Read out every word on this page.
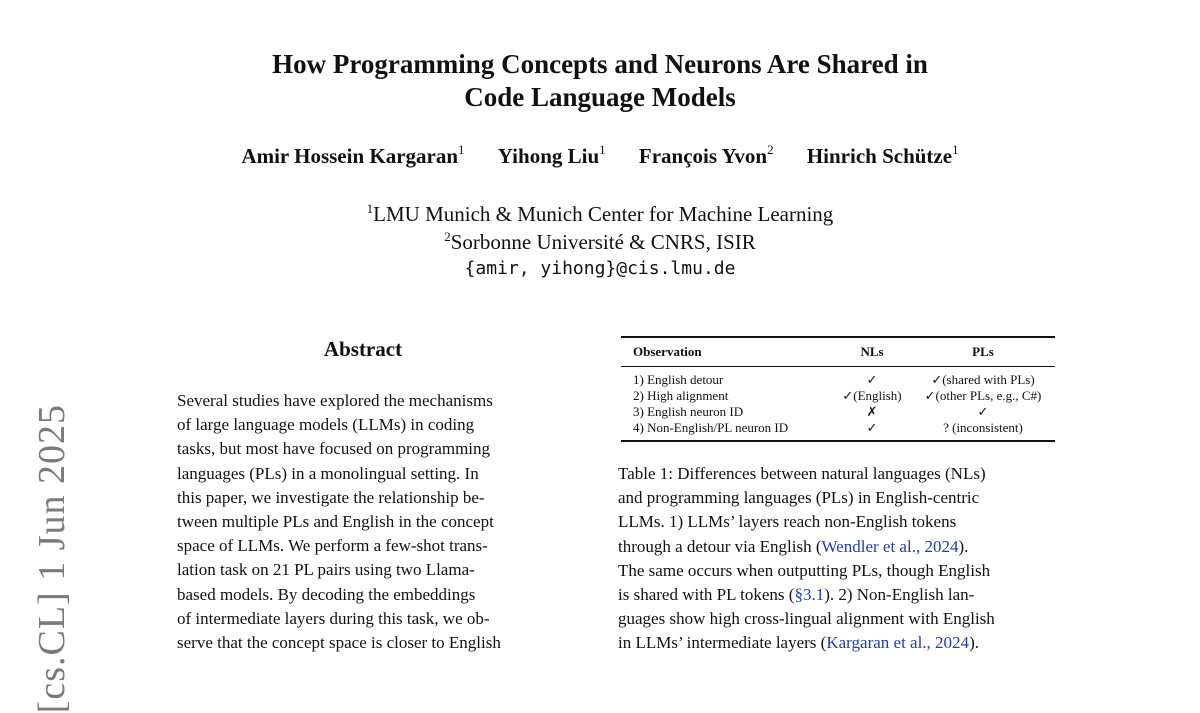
How Programming Concepts and Neurons Are Shared in
Code Language Models
Amir Hossein Kargaran$^1$ Yihong Liu$^1$ François Yvon$^2$ Hinrich Schütze$^1$
$^1$LMU Munich & Munich Center for Machine Learning
$^2$Sorbonne Université & CNRS, ISIR
{amir, yihong}@cis.lmu.de
[cs.CL] 1 Jun 2025
Abstract
Several studies have explored the mechanisms
of large language models (LLMs) in coding
tasks, but most have focused on programming
languages (PLs) in a monolingual setting. In
this paper, we investigate the relationship be-
tween multiple PLs and English in the concept
space of LLMs. We perform a few-shot trans-
lation task on 21 PL pairs using two Llama-
based models. By decoding the embeddings
of intermediate layers during this task, we ob-
serve that the concept space is closer to English
Observation	NLs	PLs
1) English detour	✓	✓(shared with PLs)
2) High alignment	✓(English)	✓(other PLs, e.g., C#)
3) English neuron ID	✗	✓
4) Non-English/PL neuron ID	✓	? (inconsistent)
Table 1: Differences between natural languages (NLs)
and programming languages (PLs) in English-centric
LLMs. 1) LLMs’ layers reach non-English tokens
through a detour via English (Wendler et al., 2024).
The same occurs when outputting PLs, though English
is shared with PL tokens (§3.1). 2) Non-English lan-
guages show high cross-lingual alignment with English
in LLMs’ intermediate layers (Kargaran et al., 2024).
